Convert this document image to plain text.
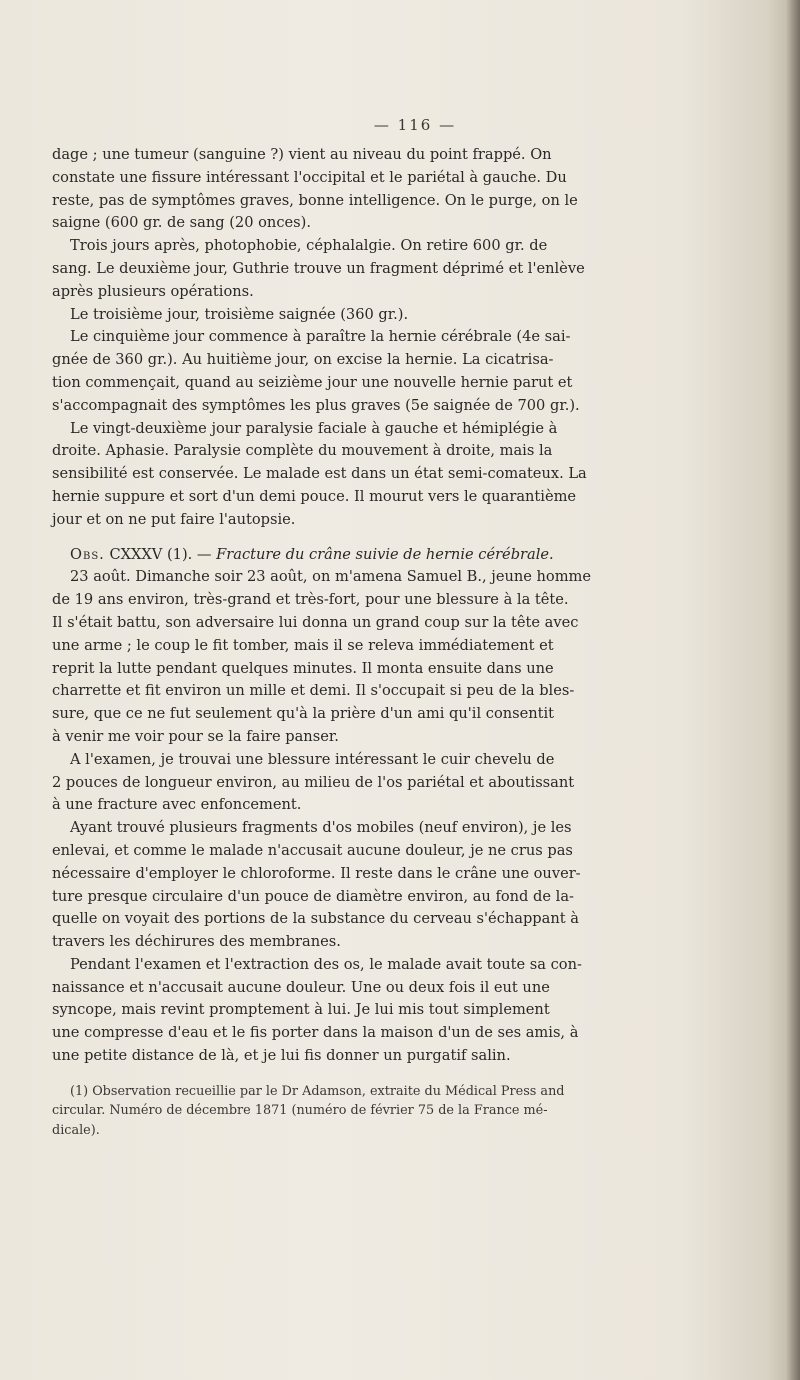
— 116 —
dage ; une tumeur (sanguine ?) vient au niveau du point frappé. On
constate une fissure intéressant l'occipital et le pariétal à gauche. Du
reste, pas de symptômes graves, bonne intelligence. On le purge, on le
saigne (600 gr. de sang (20 onces).
Trois jours après, photophobie, céphalalgie. On retire 600 gr. de
sang. Le deuxième jour, Guthrie trouve un fragment déprimé et l'enlève
après plusieurs opérations.
Le troisième jour, troisième saignée (360 gr.).
Le cinquième jour commence à paraître la hernie cérébrale (4e sai-
gnée de 360 gr.). Au huitième jour, on excise la hernie. La cicatrisa-
tion commençait, quand au seizième jour une nouvelle hernie parut et
s'accompagnait des symptômes les plus graves (5e saignée de 700 gr.).
Le vingt-deuxième jour paralysie faciale à gauche et hémiplégie à
droite. Aphasie. Paralysie complète du mouvement à droite, mais la
sensibilité est conservée. Le malade est dans un état semi-comateux. La
hernie suppure et sort d'un demi pouce. Il mourut vers le quarantième
jour et on ne put faire l'autopsie.
Obs. CXXXV (1). — Fracture du crâne suivie de hernie cérébrale.
23 août. Dimanche soir 23 août, on m'amena Samuel B., jeune homme
de 19 ans environ, très-grand et très-fort, pour une blessure à la tête.
Il s'était battu, son adversaire lui donna un grand coup sur la tête avec
une arme ; le coup le fit tomber, mais il se releva immédiatement et
reprit la lutte pendant quelques minutes. Il monta ensuite dans une
charrette et fit environ un mille et demi. Il s'occupait si peu de la bles-
sure, que ce ne fut seulement qu'à la prière d'un ami qu'il consentit
à venir me voir pour se la faire panser.
A l'examen, je trouvai une blessure intéressant le cuir chevelu de
2 pouces de longueur environ, au milieu de l'os pariétal et aboutissant
à une fracture avec enfoncement.
Ayant trouvé plusieurs fragments d'os mobiles (neuf environ), je les
enlevai, et comme le malade n'accusait aucune douleur, je ne crus pas
nécessaire d'employer le chloroforme. Il reste dans le crâne une ouver-
ture presque circulaire d'un pouce de diamètre environ, au fond de la-
quelle on voyait des portions de la substance du cerveau s'échappant à
travers les déchirures des membranes.
Pendant l'examen et l'extraction des os, le malade avait toute sa con-
naissance et n'accusait aucune douleur. Une ou deux fois il eut une
syncope, mais revint promptement à lui. Je lui mis tout simplement
une compresse d'eau et le fis porter dans la maison d'un de ses amis, à
une petite distance de là, et je lui fis donner un purgatif salin.
(1) Observation recueillie par le Dr Adamson, extraite du Médical Press and
circular. Numéro de décembre 1871 (numéro de février 75 de la France mé-
dicale).
